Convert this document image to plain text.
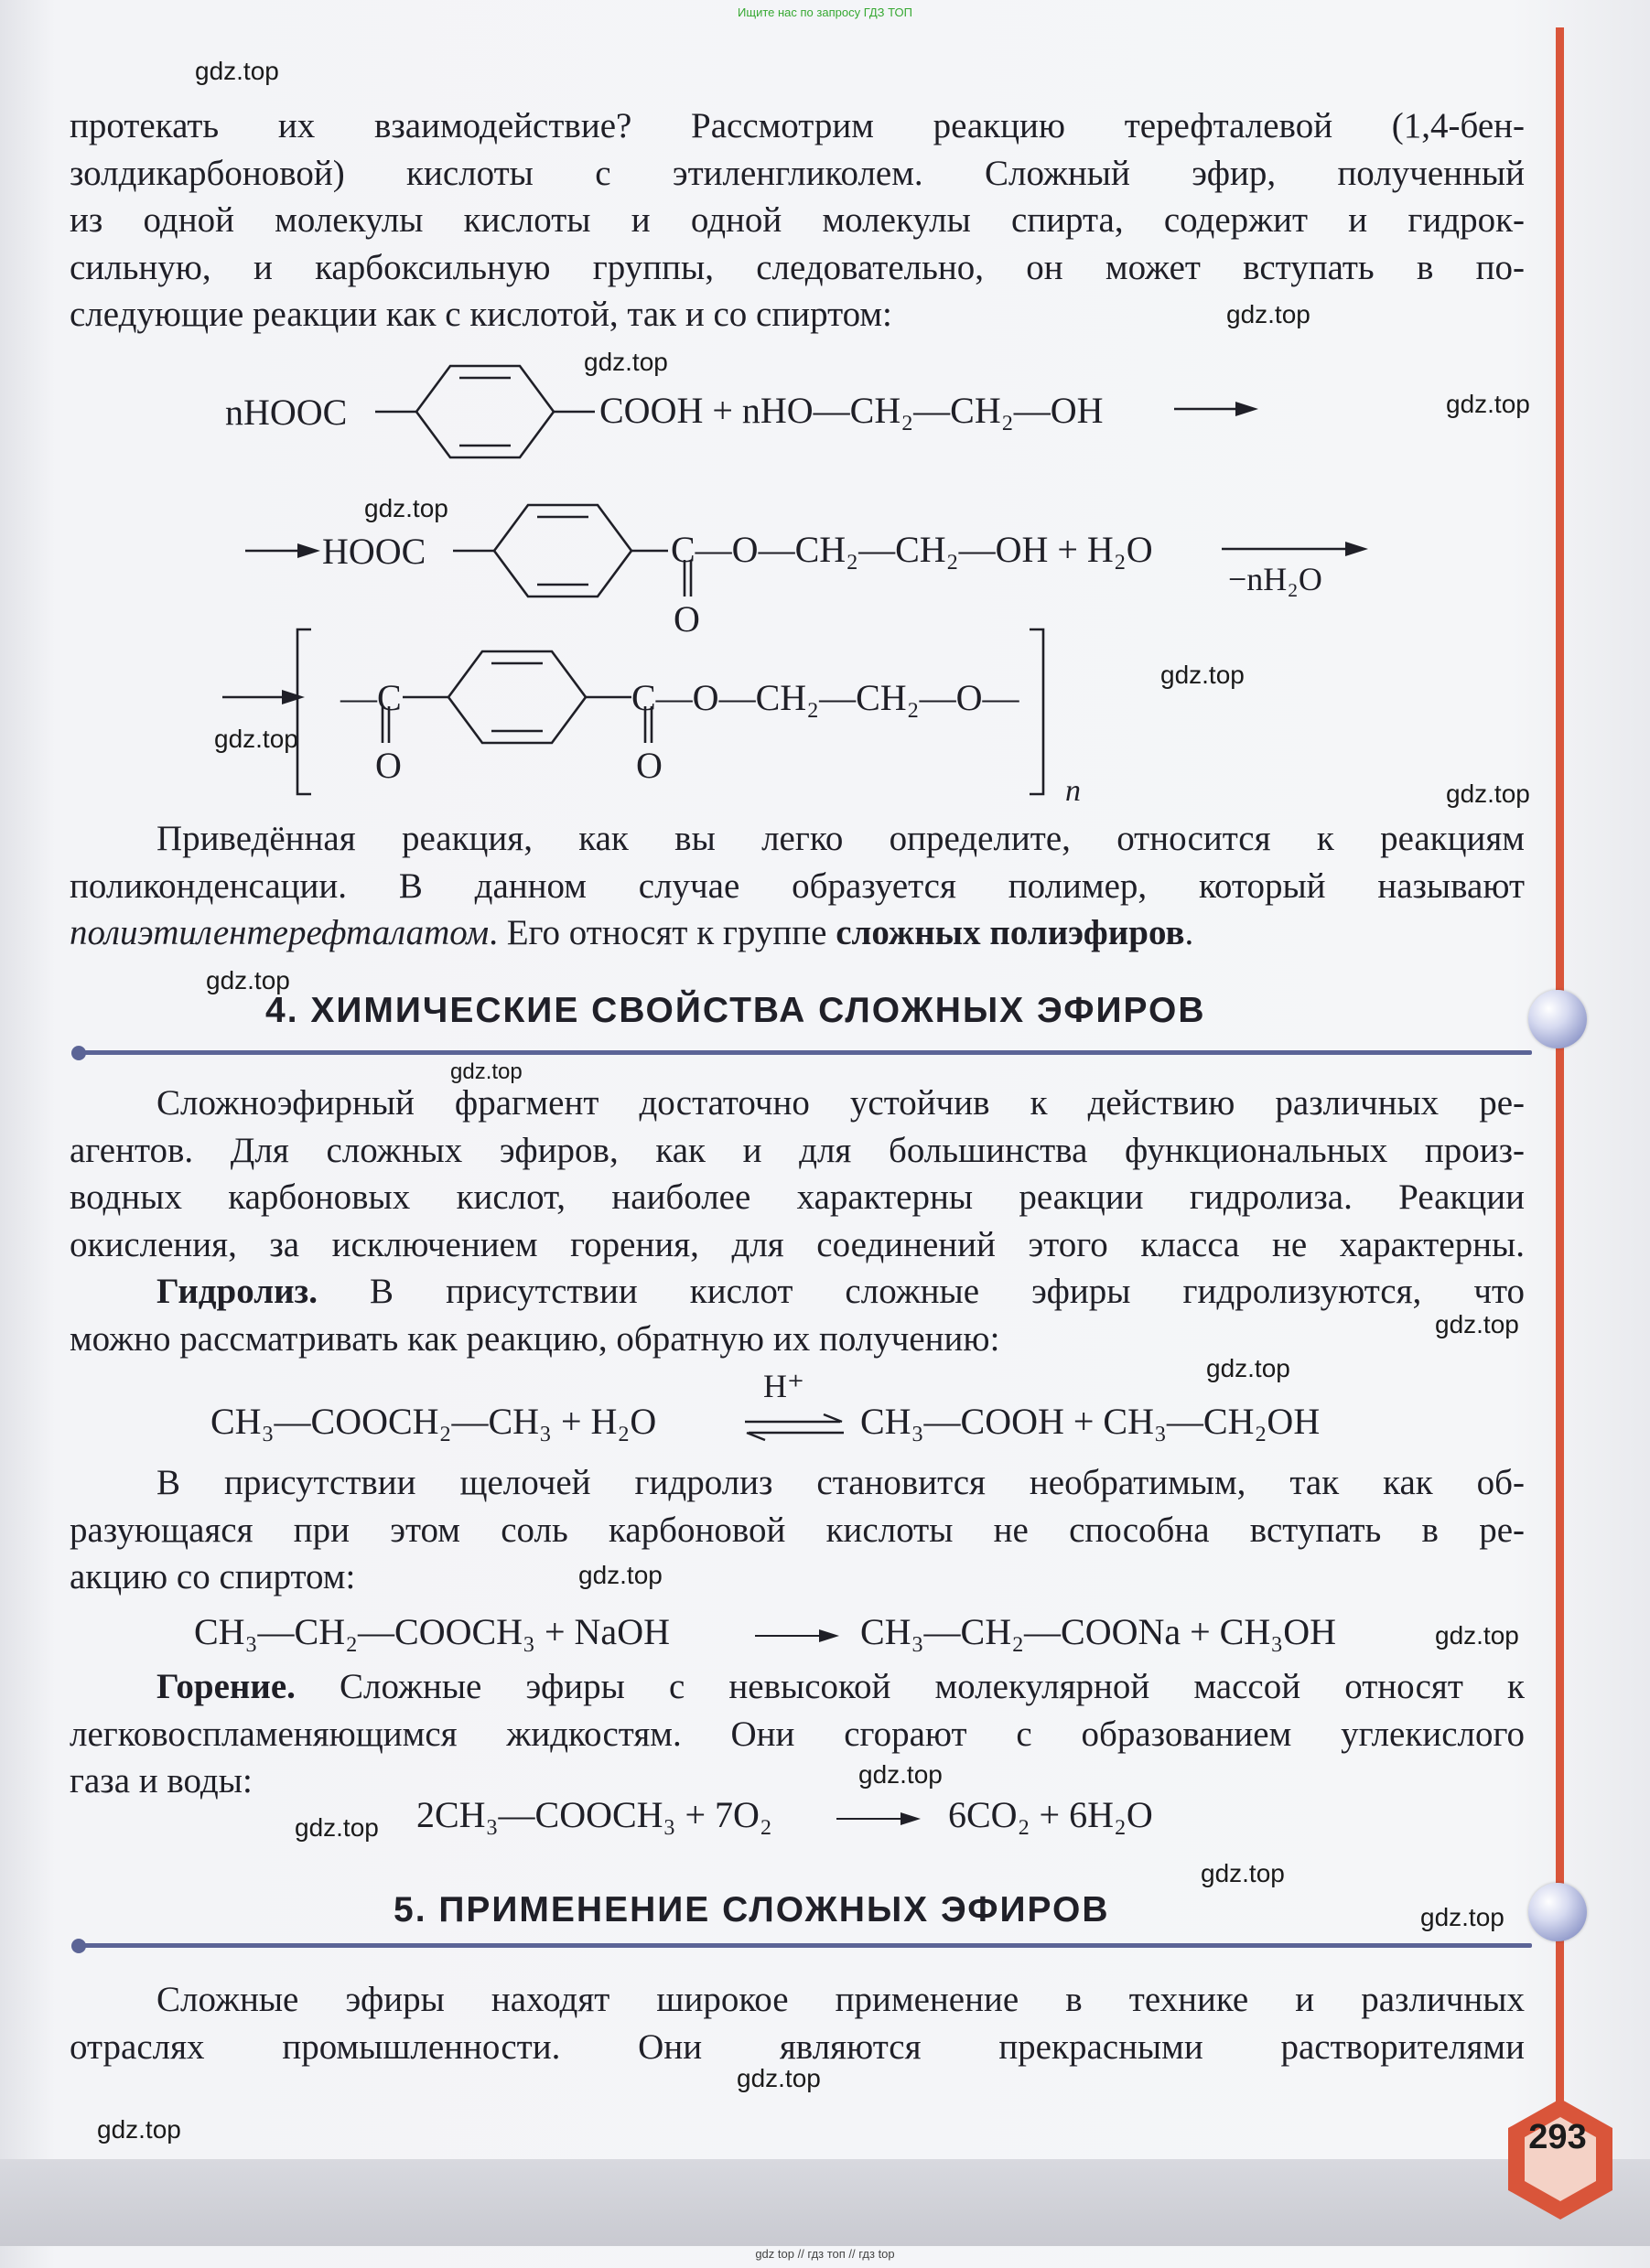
Ищите нас по запросу ГДЗ ТОП
gdz.top
gdz.top
gdz.top
gdz.top
gdz.top
gdz.top
gdz.top
gdz.top
gdz.top
gdz.top
gdz.top
gdz.top
gdz.top
gdz.top
gdz.top
gdz.top
gdz.top
gdz.top
gdz.top
gdz.top
протекать их взаимодействие? Рассмотрим реакцию терефталевой (1,4-бен-
золдикарбоновой) кислоты с этиленгликолем. Сложный эфир, полученный
из одной молекулы кислоты и одной молекулы спирта, содержит и гидрок-
сильную, и карбоксильную группы, следовательно, он может вступать в по-
следующие реакции как с кислотой, так и со спиртом:
nHOOC	COOH + nHO—CH₂—CH₂—OH
HOOC	C—O—CH₂—CH₂—OH + H₂O
O
−nH₂O
—C	C—O—CH₂—CH₂—O—
O	O
n
Приведённая реакция, как вы легко определите, относится к реакциям
поликонденсации. В данном случае образуется полимер, который называют
полиэтилентерефталатом. Его относят к группе сложных полиэфиров.
4. ХИМИЧЕСКИЕ СВОЙСТВА СЛОЖНЫХ ЭФИРОВ
Сложноэфирный фрагмент достаточно устойчив к действию различных ре-
агентов. Для сложных эфиров, как и для большинства функциональных произ-
водных карбоновых кислот, наиболее характерны реакции гидролиза. Реакции
окисления, за исключением горения, для соединений этого класса не характерны.
Гидролиз. В присутствии кислот сложные эфиры гидролизуются, что
можно рассматривать как реакцию, обратную их получению:
CH₃—COOCH₂—CH₃ + H₂O
H⁺
CH₃—COOH + CH₃—CH₂OH
В присутствии щелочей гидролиз становится необратимым, так как об-
разующаяся при этом соль карбоновой кислоты не способна вступать в ре-
акцию со спиртом:
CH₃—CH₂—COOCH₃ + NaOH	CH₃—CH₂—COONa + CH₃OH
Горение. Сложные эфиры с невысокой молекулярной массой относят к
легковоспламеняющимся жидкостям. Они сгорают с образованием углекислого
газа и воды:
2CH₃—COOCH₃ + 7O₂	6CO₂ + 6H₂O
5. ПРИМЕНЕНИЕ СЛОЖНЫХ ЭФИРОВ
Сложные эфиры находят широкое применение в технике и различных
отраслях промышленности. Они являются прекрасными растворителями
293
gdz top // гдз топ // гдз top
